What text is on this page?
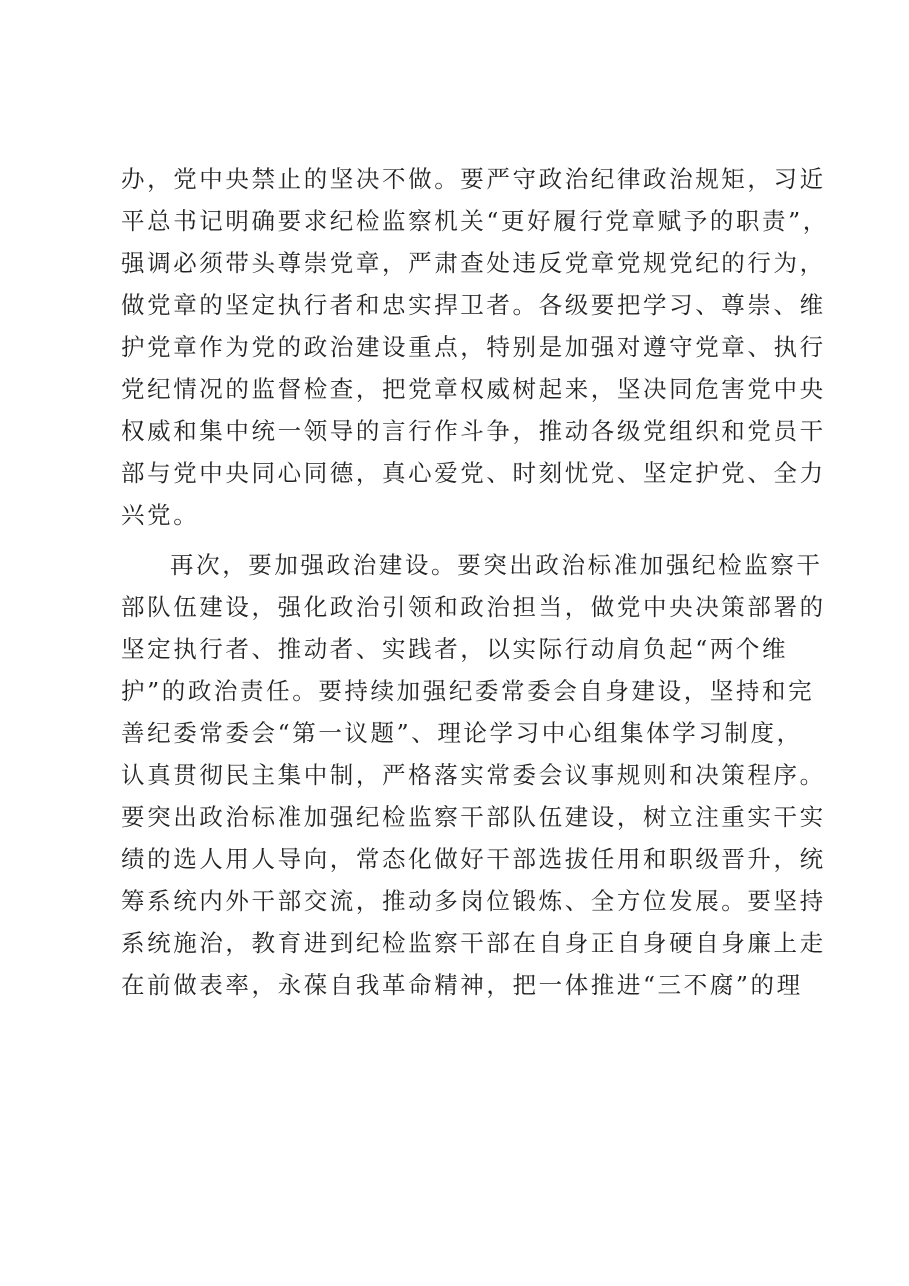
办，党中央禁止的坚决不做。要严守政治纪律政治规矩，习近
平总书记明确要求纪检监察机关“更好履行党章赋予的职责”，
强调必须带头尊崇党章，严肃查处违反党章党规党纪的行为，
做党章的坚定执行者和忠实捍卫者。各级要把学习、尊崇、维
护党章作为党的政治建设重点，特别是加强对遵守党章、执行
党纪情况的监督检查，把党章权威树起来，坚决同危害党中央
权威和集中统一领导的言行作斗争，推动各级党组织和党员干
部与党中央同心同德，真心爱党、时刻忧党、坚定护党、全力
兴党。
再次，要加强政治建设。要突出政治标准加强纪检监察干
部队伍建设，强化政治引领和政治担当，做党中央决策部署的
坚定执行者、推动者、实践者，以实际行动肩负起“两个维
护”的政治责任。要持续加强纪委常委会自身建设，坚持和完
善纪委常委会“第一议题”、理论学习中心组集体学习制度，
认真贯彻民主集中制，严格落实常委会议事规则和决策程序。
要突出政治标准加强纪检监察干部队伍建设，树立注重实干实
绩的选人用人导向，常态化做好干部选拔任用和职级晋升，统
筹系统内外干部交流，推动多岗位锻炼、全方位发展。要坚持
系统施治，教育进到纪检监察干部在自身正自身硬自身廉上走
在前做表率，永葆自我革命精神，把一体推进“三不腐”的理
